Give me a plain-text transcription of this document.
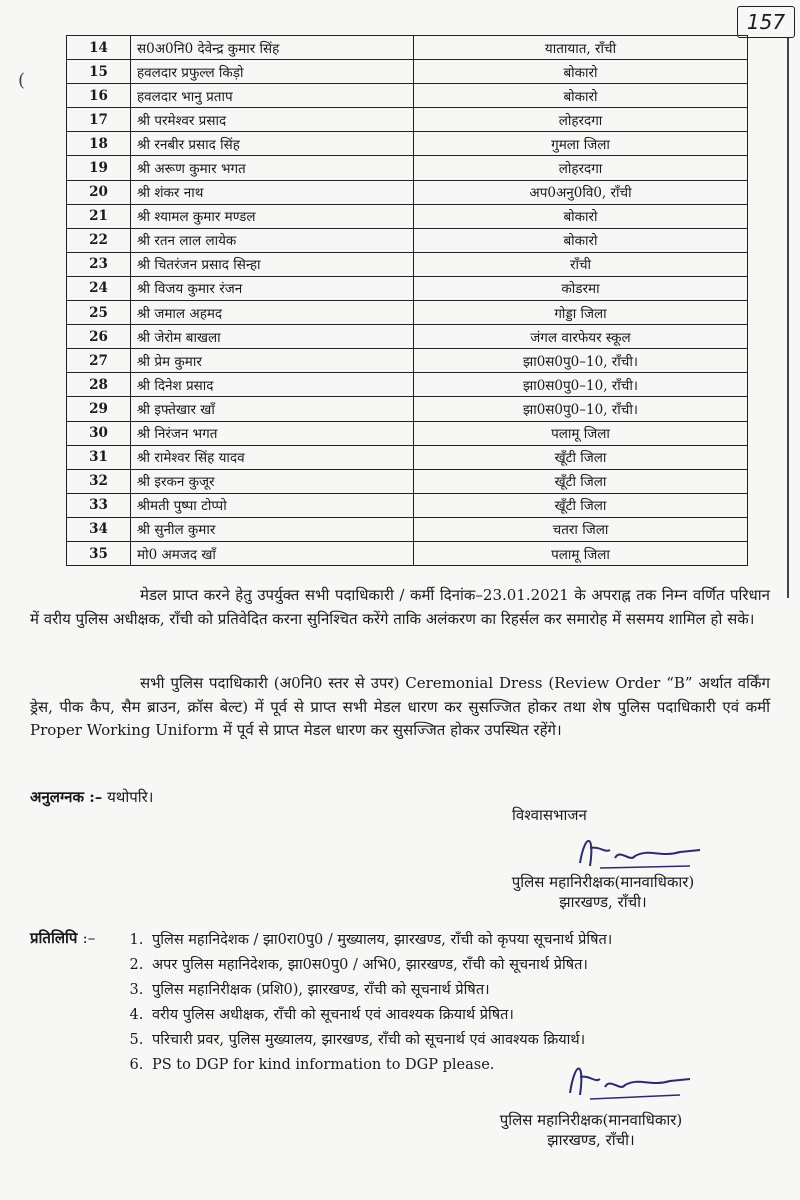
157
(
14	स0अ0नि0 देवेन्द्र कुमार सिंह	यातायात, रॉंची
15	हवलदार प्रफुल्ल किड़ो	बोकारो
16	हवलदार भानु प्रताप	बोकारो
17	श्री परमेश्वर प्रसाद	लोहरदगा
18	श्री रनबीर प्रसाद सिंह	गुमला जिला
19	श्री अरूण कुमार भगत	लोहरदगा
20	श्री शंकर नाथ	अप0अनु0वि0, रॉंची
21	श्री श्यामल कुमार मण्डल	बोकारो
22	श्री रतन लाल लायेक	बोकारो
23	श्री चितरंजन प्रसाद सिन्हा	रॉंची
24	श्री विजय कुमार रंजन	कोडरमा
25	श्री जमाल अहमद	गोड्डा जिला
26	श्री जेरोम बाखला	जंगल वारफेयर स्कूल
27	श्री प्रेम कुमार	झा0स0पु0–10, रॉंची।
28	श्री दिनेश प्रसाद	झा0स0पु0–10, रॉंची।
29	श्री इफ्तेखार खॉं	झा0स0पु0–10, रॉंची।
30	श्री निरंजन भगत	पलामू जिला
31	श्री रामेश्वर सिंह यादव	खूँटी जिला
32	श्री इरकन कुजूर	खूँटी जिला
33	श्रीमती पुष्पा टोप्पो	खूँटी जिला
34	श्री सुनील कुमार	चतरा जिला
35	मो0 अमजद खॉं	पलामू जिला
मेडल प्राप्त करने हेतु उपर्युक्त सभी पदाधिकारी / कर्मी दिनांक–23.01.2021 के अपराह्न तक निम्न वर्णित परिधान में वरीय पुलिस अधीक्षक, रॉंची को प्रतिवेदित करना सुनिश्चित करेंगे ताकि अलंकरण का रिहर्सल कर समारोह में ससमय शामिल हो सके।
सभी पुलिस पदाधिकारी (अ0नि0 स्तर से उपर) Ceremonial Dress (Review Order “B” अर्थात वर्किंग ड्रेस, पीक कैप, सैम ब्राउन, क्रॉस बेल्ट) में पूर्व से प्राप्त सभी मेडल धारण कर सुसज्जित होकर तथा शेष पुलिस पदाधिकारी एवं कर्मी Proper Working Uniform में पूर्व से प्राप्त मेडल धारण कर सुसज्जित होकर उपस्थित रहेंगे।
अनुलग्नक :– यथोपरि।
विश्वासभाजन
पुलिस महानिरीक्षक(मानवाधिकार)
झारखण्ड, रॉंची।
प्रतिलिपि :–	1. पुलिस महानिदेशक / झा0रा0पु0 / मुख्यालय, झारखण्ड, रॉंची को कृपया सूचनार्थ प्रेषित।
2. अपर पुलिस महानिदेशक, झा0स0पु0 / अभि0, झारखण्ड, रॉंची को सूचनार्थ प्रेषित।
3. पुलिस महानिरीक्षक (प्रशि0), झारखण्ड, रॉंची को सूचनार्थ प्रेषित।
4. वरीय पुलिस अधीक्षक, रॉंची को सूचनार्थ एवं आवश्यक क्रियार्थ प्रेषित।
5. परिचारी प्रवर, पुलिस मुख्यालय, झारखण्ड, रॉंची को सूचनार्थ एवं आवश्यक क्रियार्थ।
6. PS to DGP for kind information to DGP please.
पुलिस महानिरीक्षक(मानवाधिकार)
झारखण्ड, रॉंची।
